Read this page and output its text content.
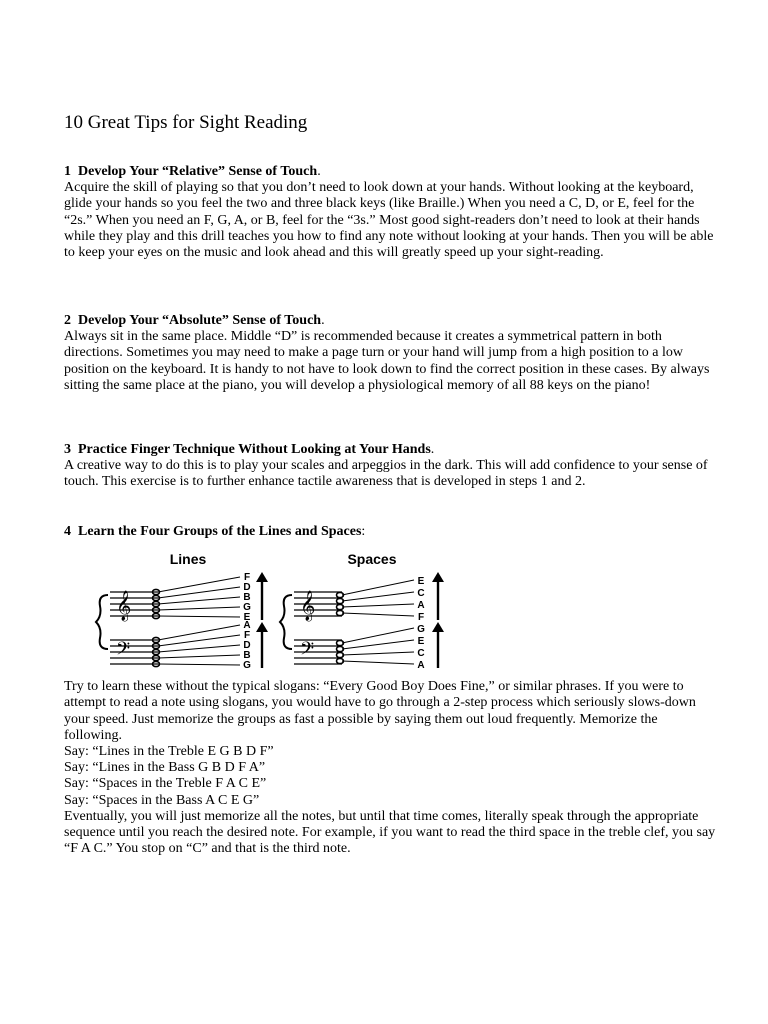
10 Great Tips for Sight Reading

1 Develop Your “Relative” Sense of Touch.

Acquire the skill of playing so that you don’t need to look down at your hands. Without looking at the keyboard, glide your hands so you feel the two and three black keys (like Braille.) When you need a C, D, or E, feel for the “2s.” When you need an F, G, A, or B, feel for the “3s.” Most good sight-readers don’t need to look at their hands while they play and this drill teaches you how to find any note without looking at your hands. Then you will be able to keep your eyes on the music and look ahead and this will greatly speed up your sight-reading.

2 Develop Your “Absolute” Sense of Touch.

Always sit in the same place. Middle “D” is recommended because it creates a symmetrical pattern in both directions. Sometimes you may need to make a page turn or your hand will jump from a high position to a low position on the keyboard. It is handy to not have to look down to find the correct position in these cases. By always sitting the same place at the piano, you will develop a physiological memory of all 88 keys on the piano!

3 Practice Finger Technique Without Looking at Your Hands.

A creative way to do this is to play your scales and arpeggios in the dark. This will add confidence to your sense of touch. This exercise is to further enhance tactile awareness that is developed in steps 1 and 2.

4 Learn the Four Groups of the Lines and Spaces:

Lines	Spaces
𝄞
𝄢
F
D
B
G
E
A
F
D
B
G
𝄞
𝄢
E
C
A
F
G
E
C
A

Try to learn these without the typical slogans: “Every Good Boy Does Fine,” or similar phrases. If you were to attempt to read a note using slogans, you would have to go through a 2-step process which seriously slows-down your speed. Just memorize the groups as fast a possible by saying them out loud frequently. Memorize the following.

Say: “Lines in the Treble E G B D F”

Say: “Lines in the Bass G B D F A”

Say: “Spaces in the Treble F A C E”

Say: “Spaces in the Bass A C E G”

Eventually, you will just memorize all the notes, but until that time comes, literally speak through the appropriate sequence until you reach the desired note. For example, if you want to read the third space in the treble clef, you say “F A C.” You stop on “C” and that is the third note.
